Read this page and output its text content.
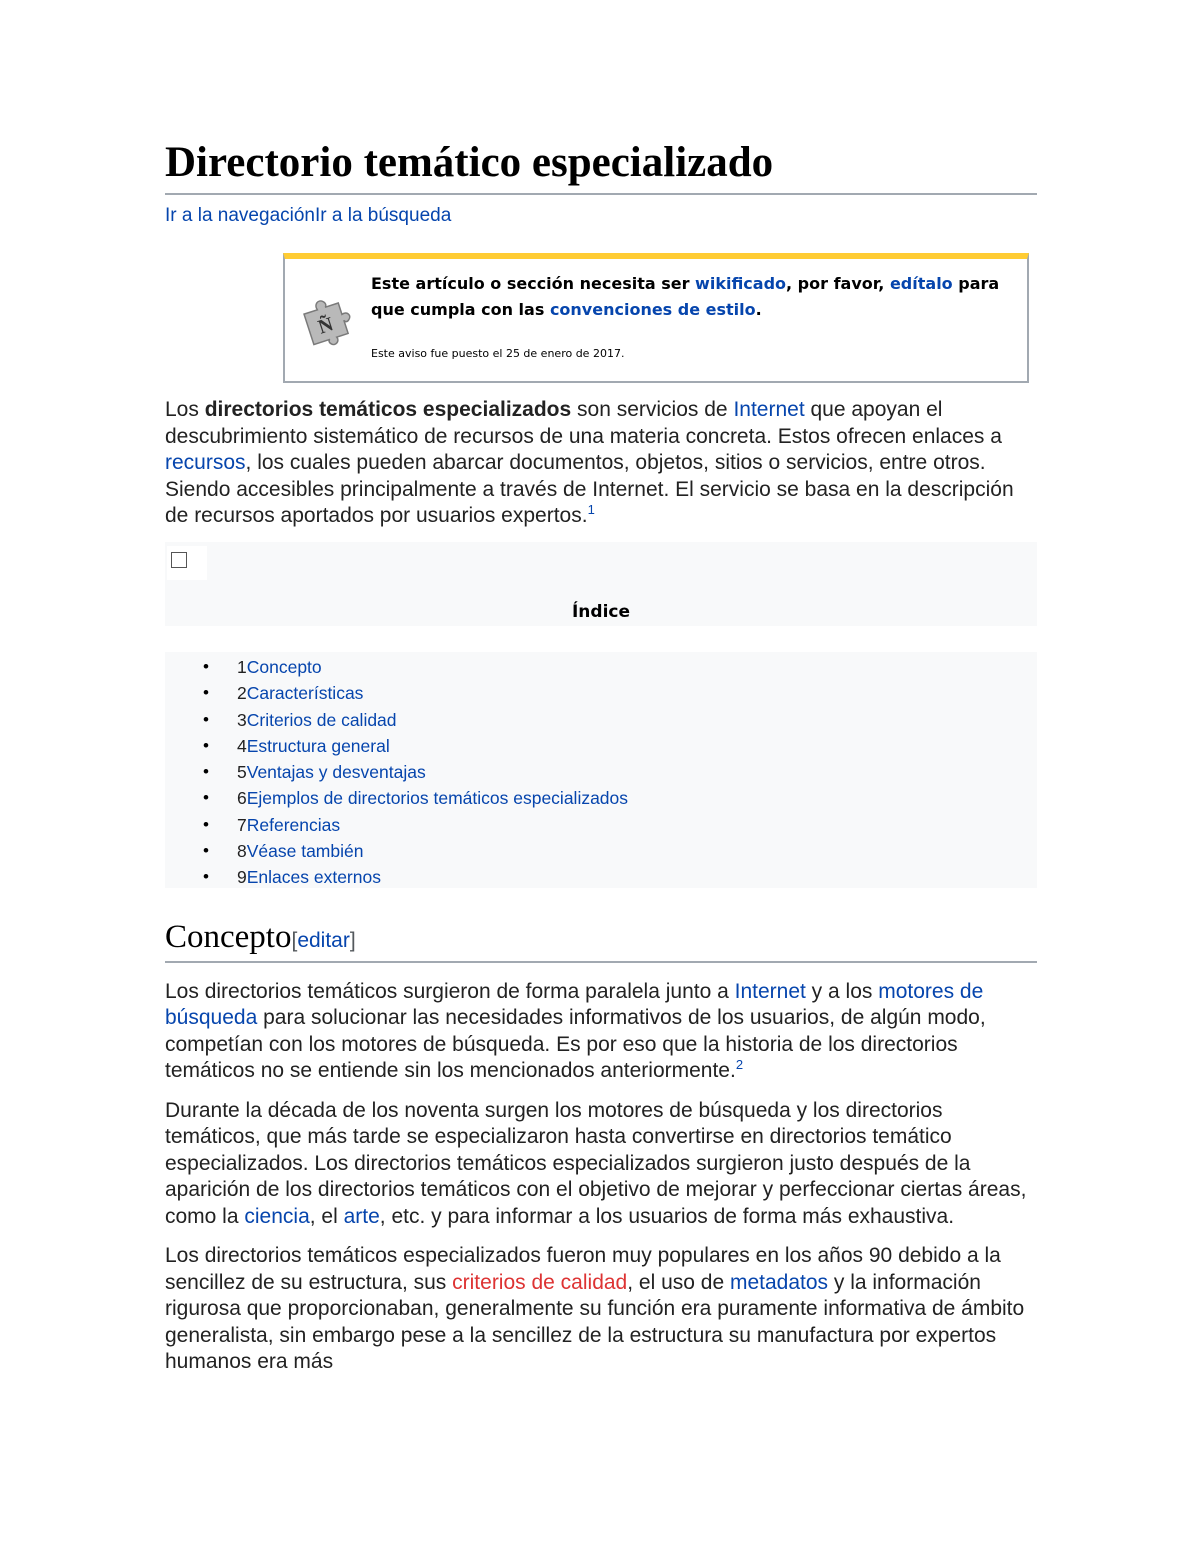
Directorio temático especializado
Ir a la navegaciónIr a la búsqueda
Ñ
Este artículo o sección necesita ser wikificado, por favor, edítalo para que cumpla con las convenciones de estilo.
Este aviso fue puesto el 25 de enero de 2017.

Los directorios temáticos especializados son servicios de Internet que apoyan el descubrimiento sistemático de recursos de una materia concreta. Estos ofrecen enlaces a recursos, los cuales pueden abarcar documentos, objetos, sitios o servicios, entre otros. Siendo accesibles principalmente a través de Internet. El servicio se basa en la descripción de recursos aportados por usuarios expertos.$^1$

Índice
• 1Concepto
• 2Características
• 3Criterios de calidad
• 4Estructura general
• 5Ventajas y desventajas
• 6Ejemplos de directorios temáticos especializados
• 7Referencias
• 8Véase también
• 9Enlaces externos
Concepto[editar]

Los directorios temáticos surgieron de forma paralela junto a Internet y a los motores de búsqueda para solucionar las necesidades informativos de los usuarios, de algún modo, competían con los motores de búsqueda. Es por eso que la historia de los directorios temáticos no se entiende sin los mencionados anteriormente.$^2$

Durante la década de los noventa surgen los motores de búsqueda y los directorios temáticos, que más tarde se especializaron hasta convertirse en directorios temático especializados. Los directorios temáticos especializados surgieron justo después de la aparición de los directorios temáticos con el objetivo de mejorar y perfeccionar ciertas áreas, como la ciencia, el arte, etc. y para informar a los usuarios de forma más exhaustiva.

Los directorios temáticos especializados fueron muy populares en los años 90 debido a la sencillez de su estructura, sus criterios de calidad, el uso de metadatos y la información rigurosa que proporcionaban, generalmente su función era puramente informativa de ámbito generalista, sin embargo pese a la sencillez de la estructura su manufactura por expertos humanos era más
